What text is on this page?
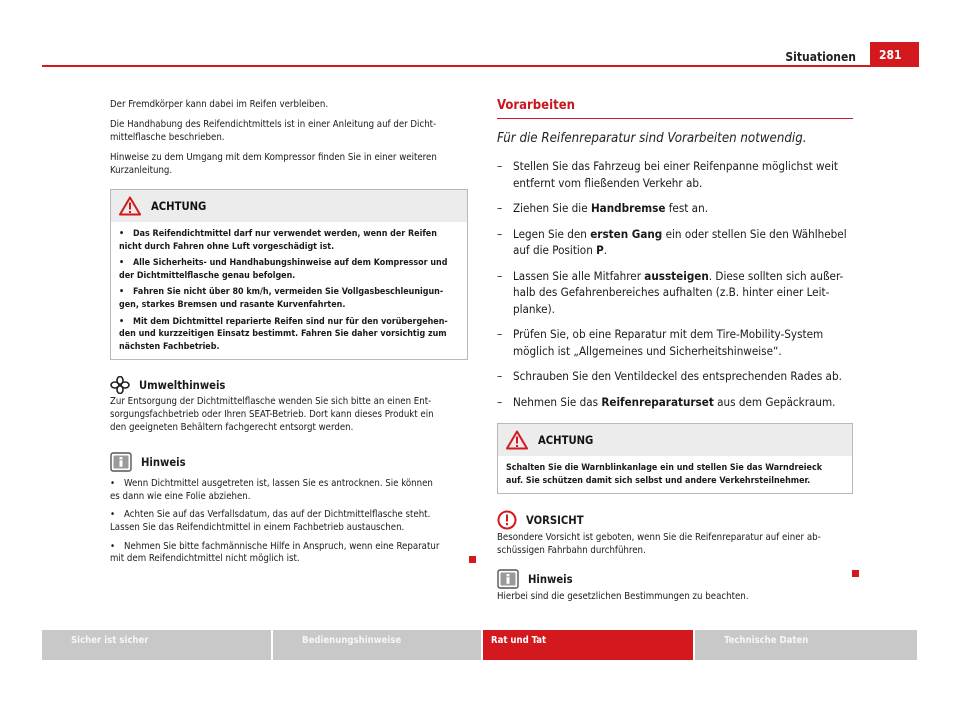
Situationen	281

Der Fremdkörper kann dabei im Reifen verbleiben.

Die Handhabung des Reifendichtmittels ist in einer Anleitung auf der Dicht-
mittelflasche beschrieben.

Hinweise zu dem Umgang mit dem Kompressor finden Sie in einer weiteren
Kurzanleitung.

ACHTUNG

• Das Reifendichtmittel darf nur verwendet werden, wenn der Reifen
nicht durch Fahren ohne Luft vorgeschädigt ist.

• Alle Sicherheits- und Handhabungshinweise auf dem Kompressor und
der Dichtmittelflasche genau befolgen.

• Fahren Sie nicht über 80 km/h, vermeiden Sie Vollgasbeschleunigun-
gen, starkes Bremsen und rasante Kurvenfahrten.

• Mit dem Dichtmittel reparierte Reifen sind nur für den vorübergehen-
den und kurzzeitigen Einsatz bestimmt. Fahren Sie daher vorsichtig zum
nächsten Fachbetrieb.

Umwelthinweis

Zur Entsorgung der Dichtmittelflasche wenden Sie sich bitte an einen Ent-
sorgungsfachbetrieb oder Ihren SEAT-Betrieb. Dort kann dieses Produkt ein
den geeigneten Behältern fachgerecht entsorgt werden.

Hinweis

• Wenn Dichtmittel ausgetreten ist, lassen Sie es antrocknen. Sie können
es dann wie eine Folie abziehen.

• Achten Sie auf das Verfallsdatum, das auf der Dichtmittelflasche steht.
Lassen Sie das Reifendichtmittel in einem Fachbetrieb austauschen.

• Nehmen Sie bitte fachmännische Hilfe in Anspruch, wenn eine Reparatur
mit dem Reifendichtmittel nicht möglich ist.

Vorarbeiten
Für die Reifenreparatur sind Vorarbeiten notwendig.
– Stellen Sie das Fahrzeug bei einer Reifenpanne möglichst weit
entfernt vom fließenden Verkehr ab.
– Ziehen Sie die Handbremse fest an.
– Legen Sie den ersten Gang ein oder stellen Sie den Wählhebel
auf die Position P.
– Lassen Sie alle Mitfahrer aussteigen. Diese sollten sich außer-
halb des Gefahrenbereiches aufhalten (z.B. hinter einer Leit-
planke).
– Prüfen Sie, ob eine Reparatur mit dem Tire-Mobility-System
möglich ist „Allgemeines und Sicherheitshinweise“.
– Schrauben Sie den Ventildeckel des entsprechenden Rades ab.
– Nehmen Sie das Reifenreparaturset aus dem Gepäckraum.
ACHTUNG

Schalten Sie die Warnblinkanlage ein und stellen Sie das Warndreieck
auf. Sie schützen damit sich selbst und andere Verkehrsteilnehmer.

VORSICHT

Besondere Vorsicht ist geboten, wenn Sie die Reifenreparatur auf einer ab-
schüssigen Fahrbahn durchführen.

Hinweis

Hierbei sind die gesetzlichen Bestimmungen zu beachten.

Sicher ist sicher	Bedienungshinweise	Rat und Tat	Technische Daten
